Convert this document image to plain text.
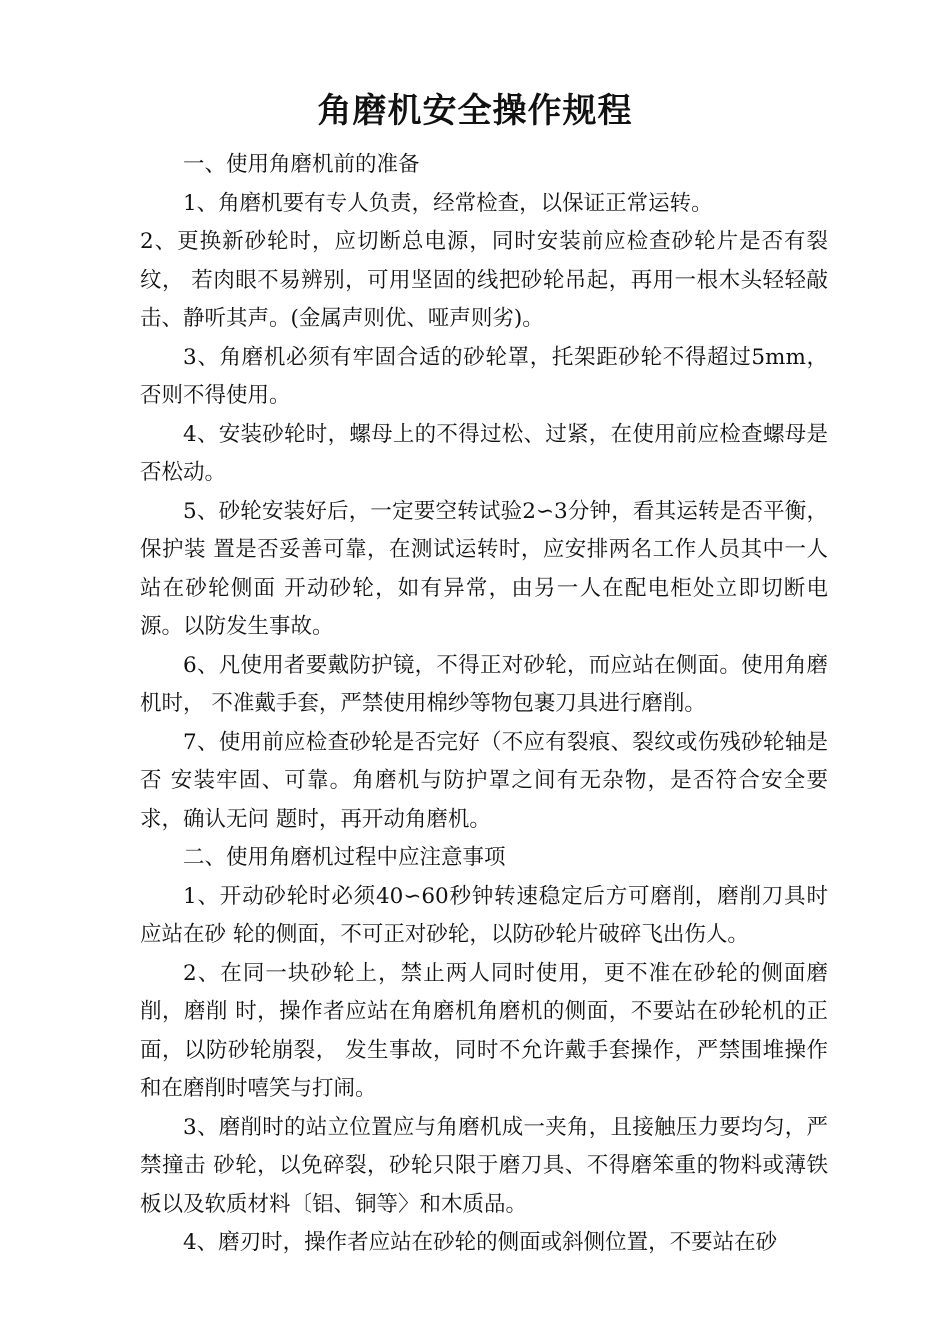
角磨机安全操作规程

一、使用角磨机前的准备

1、角磨机要有专人负责，经常检查，以保证正常运转。

2、更换新砂轮时，应切断总电源，同时安装前应检查砂轮片是否有裂纹， 若肉眼不易辨别，可用坚固的线把砂轮吊起，再用一根木头轻轻敲击、静听其声。(金属声则优、哑声则劣)。

3、角磨机必须有牢固合适的砂轮罩，托架距砂轮不得超过5mm，否则不得使用。

4、安装砂轮时，螺母上的不得过松、过紧，在使用前应检查螺母是否松动。

5、砂轮安装好后，一定要空转试验2∽3分钟，看其运转是否平衡，保护装 置是否妥善可靠，在测试运转时，应安排两名工作人员其中一人站在砂轮侧面 开动砂轮，如有异常，由另一人在配电柜处立即切断电源。以防发生事故。

6、凡使用者要戴防护镜，不得正对砂轮，而应站在侧面。使用角磨机时， 不准戴手套，严禁使用棉纱等物包裹刀具进行磨削。

7、使用前应检查砂轮是否完好（不应有裂痕、裂纹或伤残砂轮轴是否 安装牢固、可靠。角磨机与防护罩之间有无杂物，是否符合安全要求，确认无问 题时，再开动角磨机。

二、使用角磨机过程中应注意事项

1、开动砂轮时必须40∽60秒钟转速稳定后方可磨削，磨削刀具时应站在砂 轮的侧面，不可正对砂轮，以防砂轮片破碎飞出伤人。

2、在同一块砂轮上，禁止两人同时使用，更不准在砂轮的侧面磨削，磨削 时，操作者应站在角磨机角磨机的侧面，不要站在砂轮机的正面，以防砂轮崩裂， 发生事故，同时不允许戴手套操作，严禁围堆操作和在磨削时嘻笑与打闹。

3、磨削时的站立位置应与角磨机成一夹角，且接触压力要均匀，严禁撞击 砂轮，以免碎裂，砂轮只限于磨刀具、不得磨笨重的物料或薄铁板以及软质材料〔铝、铜等〉和木质品。

4、磨刃时，操作者应站在砂轮的侧面或斜侧位置，不要站在砂
